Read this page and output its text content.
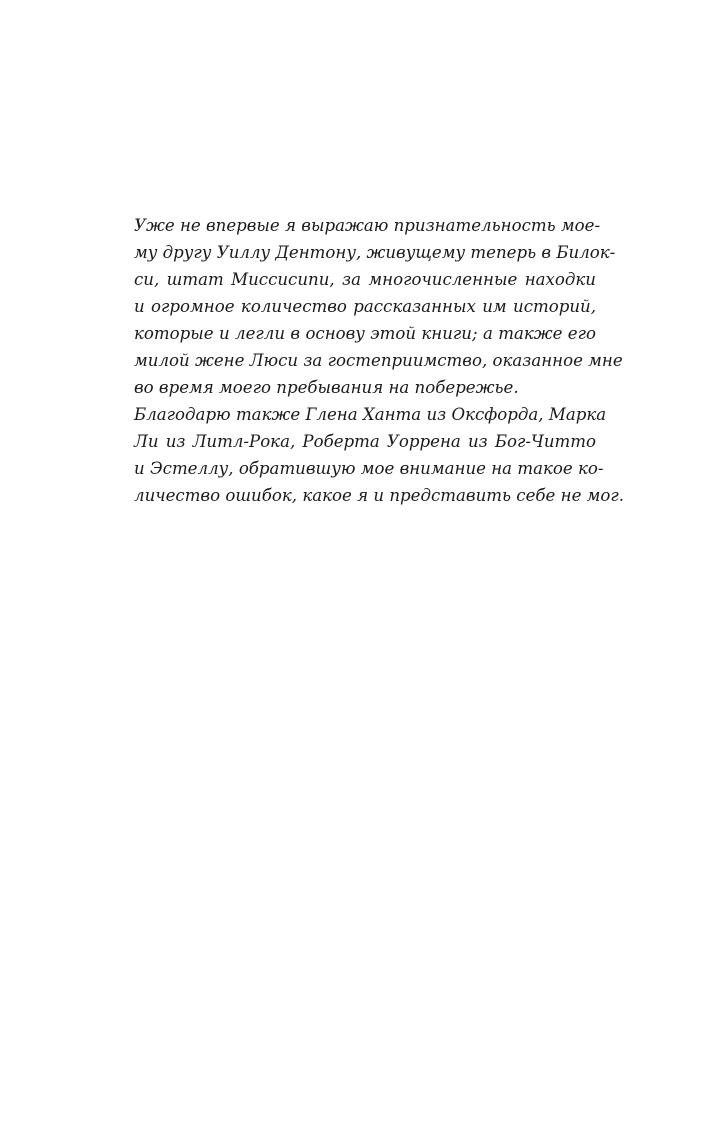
Уже не впервые я выражаю признательность мое-
му другу Уиллу Дентону, живущему теперь в Билок-
си, штат Миссисипи, за многочисленные находки
и огромное количество рассказанных им историй,
которые и легли в основу этой книги; а также его
милой жене Люси за гостеприимство, оказанное мне
во время моего пребывания на побережье.
Благодарю также Глена Ханта из Оксфорда, Марка
Ли из Литл-Рока, Роберта Уоррена из Бог-Читто
и Эстеллу, обратившую мое внимание на такое ко-
личество ошибок, какое я и представить себе не мог.
